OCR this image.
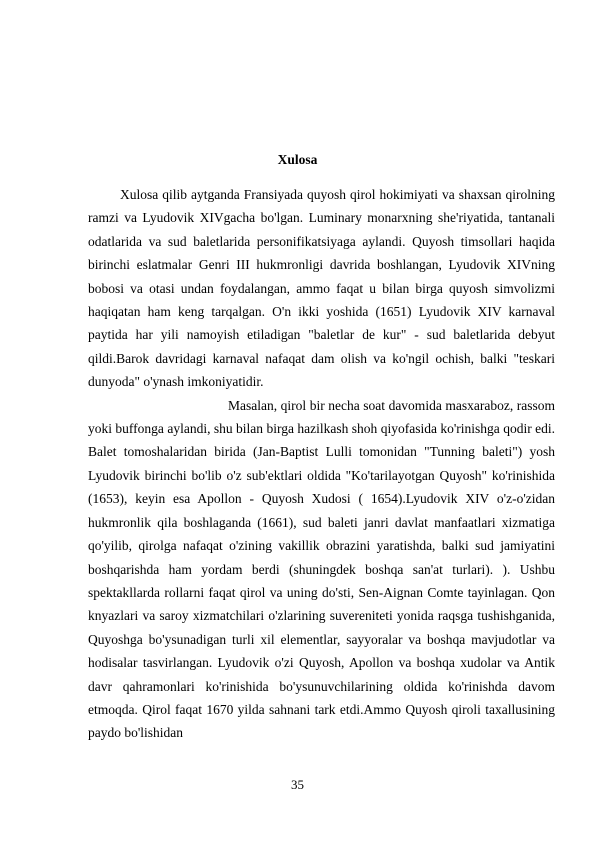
Xulosa

Xulosa qilib aytganda Fransiyada quyosh qirol hokimiyati va shaxsan qirolning ramzi va Lyudovik XIVgacha bo'lgan. Luminary monarxning she'riyatida, tantanali odatlarida va sud baletlarida personifikatsiyaga aylandi. Quyosh timsollari haqida birinchi eslatmalar Genri III hukmronligi davrida boshlangan, Lyudovik XIVning bobosi va otasi undan foydalangan, ammo faqat u bilan birga quyosh simvolizmi haqiqatan ham keng tarqalgan. O'n ikki yoshida (1651) Lyudovik XIV karnaval paytida har yili namoyish etiladigan "baletlar de kur" - sud baletlarida debyut qildi.Barok davridagi karnaval nafaqat dam olish va ko'ngil ochish, balki "teskari dunyoda" o'ynash imkoniyatidir.

Masalan, qirol bir necha soat davomida masxaraboz, rassom yoki buffonga aylandi, shu bilan birga hazilkash shoh qiyofasida ko'rinishga qodir edi. Balet tomoshalaridan birida (Jan-Baptist Lulli tomonidan "Tunning baleti") yosh Lyudovik birinchi bo'lib o'z sub'ektlari oldida "Ko'tarilayotgan Quyosh" ko'rinishida (1653), keyin esa Apollon - Quyosh Xudosi ( 1654).Lyudovik XIV o'z-o'zidan hukmronlik qila boshlaganda (1661), sud baleti janri davlat manfaatlari xizmatiga qo'yilib, qirolga nafaqat o'zining vakillik obrazini yaratishda, balki sud jamiyatini boshqarishda ham yordam berdi (shuningdek boshqa san'at turlari). ). Ushbu spektakllarda rollarni faqat qirol va uning do'sti, Sen-Aignan Comte tayinlagan. Qon knyazlari va saroy xizmatchilari o'zlarining suvereniteti yonida raqsga tushishganida, Quyoshga bo'ysunadigan turli xil elementlar, sayyoralar va boshqa mavjudotlar va hodisalar tasvirlangan. Lyudovik o'zi Quyosh, Apollon va boshqa xudolar va Antik davr qahramonlari ko'rinishida bo'ysunuvchilarining oldida ko'rinishda davom etmoqda. Qirol faqat 1670 yilda sahnani tark etdi.Ammo Quyosh qiroli taxallusining paydo bo'lishidan

35
